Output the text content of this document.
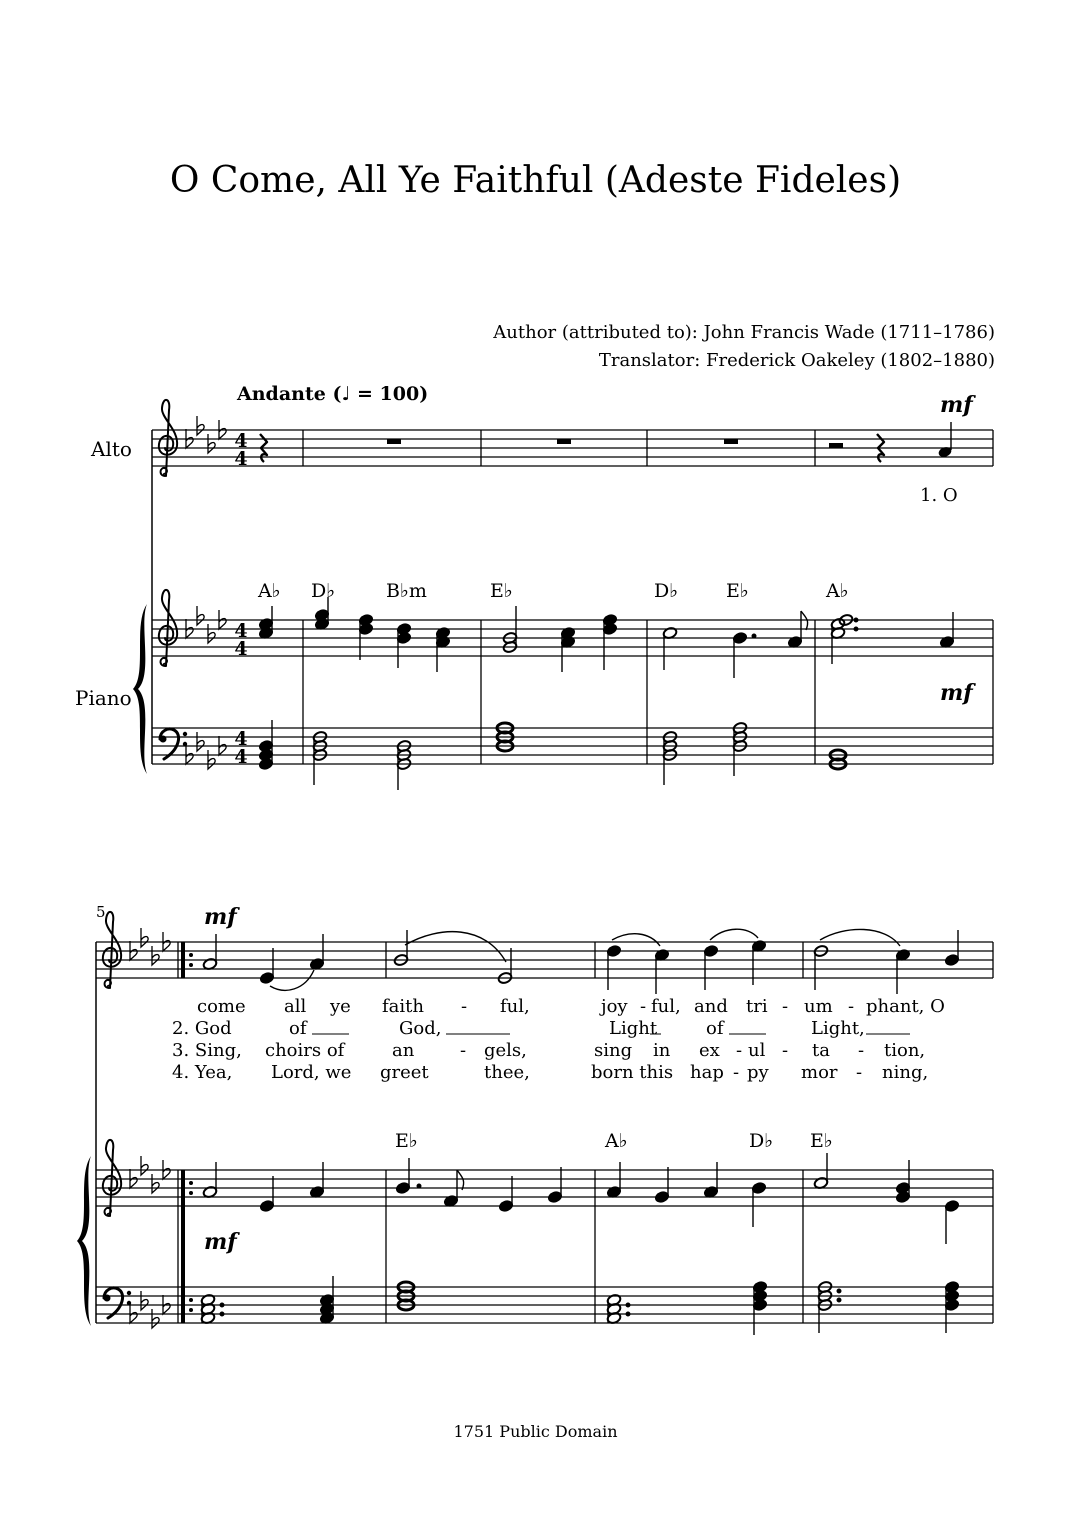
O Come, All Ye Faithful (Adeste Fideles)
Author (attributed to): John Francis Wade (1711–1786)
Translator: Frederick Oakeley (1802–1880)
Andante (♩ = 100)
Alto
Piano
A♭ D♭	B♭m	E♭	D♭	E♭	A♭
mf
mf
1. O
5	mf
mf
E♭	A♭	D♭ E♭
come all ye faith - ful,	joy - ful, and tri - um - phant, O
2. God	of	God,	Light	of	Light,
3. Sing, choirs of	an	- gels,	sing in ex - ul - ta - tion,
4. Yea, Lord, we greet	thee,	born this hap - py mor - ning,
1751 Public Domain
4
4
4
4
4
4
